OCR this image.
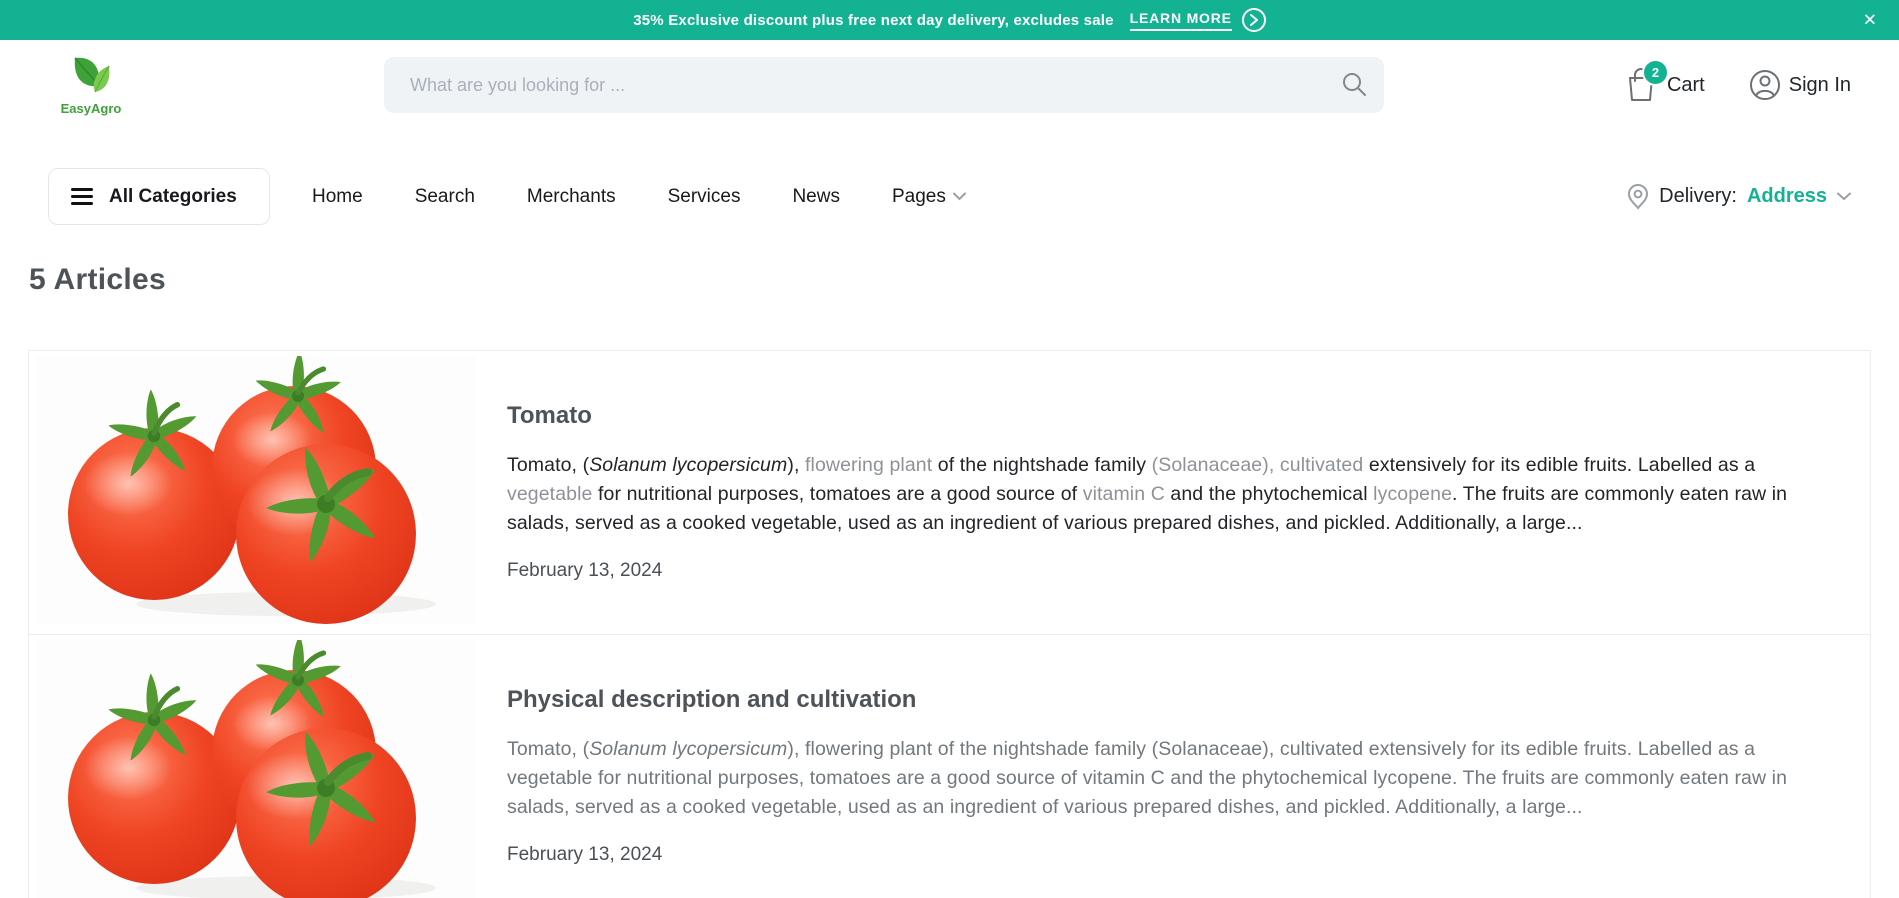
35% Exclusive discount plus free next day delivery, excludes sale LEARN MORE	✕
EasyAgro
What are you looking for ...
2
Cart	Sign In
All Categories	Home	Search	Merchants	Services	News	Pages	Delivery: Address
5 Articles
Tomato
Tomato, (Solanum lycopersicum), flowering plant of the nightshade family (Solanaceae), cultivated extensively for its edible fruits. Labelled as a vegetable for nutritional purposes, tomatoes are a good source of vitamin C and the phytochemical lycopene. The fruits are commonly eaten raw in salads, served as a cooked vegetable, used as an ingredient of various prepared dishes, and pickled. Additionally, a large...
February 13, 2024
Physical description and cultivation
Tomato, (Solanum lycopersicum), flowering plant of the nightshade family (Solanaceae), cultivated extensively for its edible fruits. Labelled as a vegetable for nutritional purposes, tomatoes are a good source of vitamin C and the phytochemical lycopene. The fruits are commonly eaten raw in salads, served as a cooked vegetable, used as an ingredient of various prepared dishes, and pickled. Additionally, a large...
February 13, 2024
